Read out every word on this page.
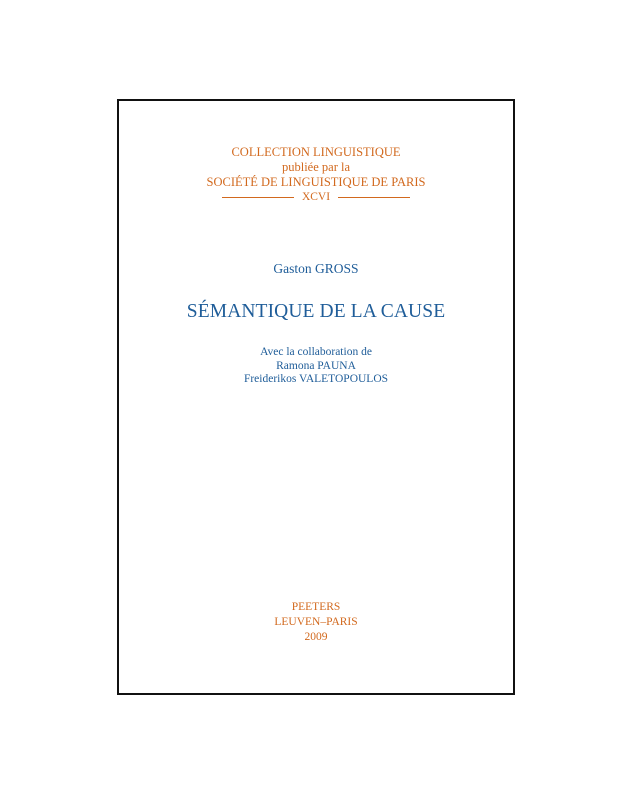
COLLECTION LINGUISTIQUE
publiée par la
SOCIÉTÉ DE LINGUISTIQUE DE PARIS
XCVI
Gaston GROSS
SÉMANTIQUE DE LA CAUSE
Avec la collaboration de
Ramona PAUNA
Freiderikos VALETOPOULOS
PEETERS
LEUVEN–PARIS
2009
